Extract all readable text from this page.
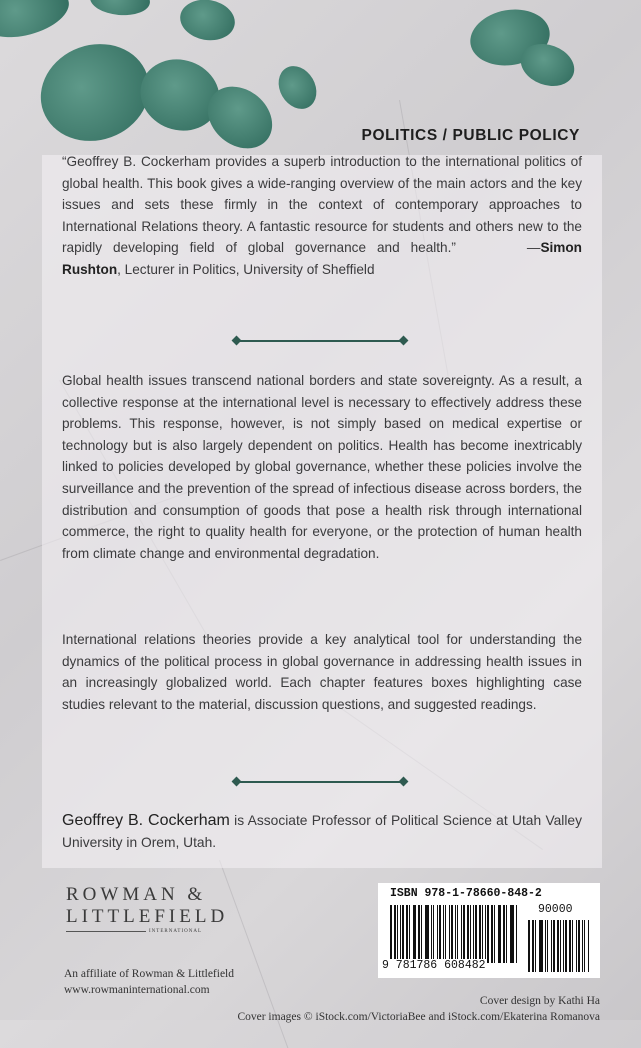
POLITICS / PUBLIC POLICY
“Geoffrey B. Cockerham provides a superb introduction to the international politics of global health. This book gives a wide-ranging overview of the main actors and the key issues and sets these firmly in the context of contemporary approaches to International Relations theory. A fantastic resource for students and others new to the rapidly developing field of global governance and health.”	—Simon Rushton, Lecturer in Politics, University of Sheffield
Global health issues transcend national borders and state sovereignty. As a result, a collective response at the international level is necessary to effectively address these problems. This response, however, is not simply based on medical expertise or technology but is also largely dependent on politics. Health has become inextricably linked to policies developed by global governance, whether these policies involve the surveillance and the prevention of the spread of infectious disease across borders, the distribution and consumption of goods that pose a health risk through international commerce, the right to quality health for everyone, or the protection of human health from climate change and environmental degradation.
International relations theories provide a key analytical tool for understanding the dynamics of the political process in global governance in addressing health issues in an increasingly globalized world. Each chapter features boxes highlighting case studies relevant to the material, discussion questions, and suggested readings.
Geoffrey B. Cockerham is Associate Professor of Political Science at Utah Valley University in Orem, Utah.
ROWMAN &
LITTLEFIELD
INTERNATIONAL
An affiliate of Rowman & Littlefield
www.rowmaninternational.com
ISBN 978-1-78660-848-2
90000
9 781786 608482
Cover design by Kathi Ha
Cover images © iStock.com/VictoriaBee and iStock.com/Ekaterina Romanova
